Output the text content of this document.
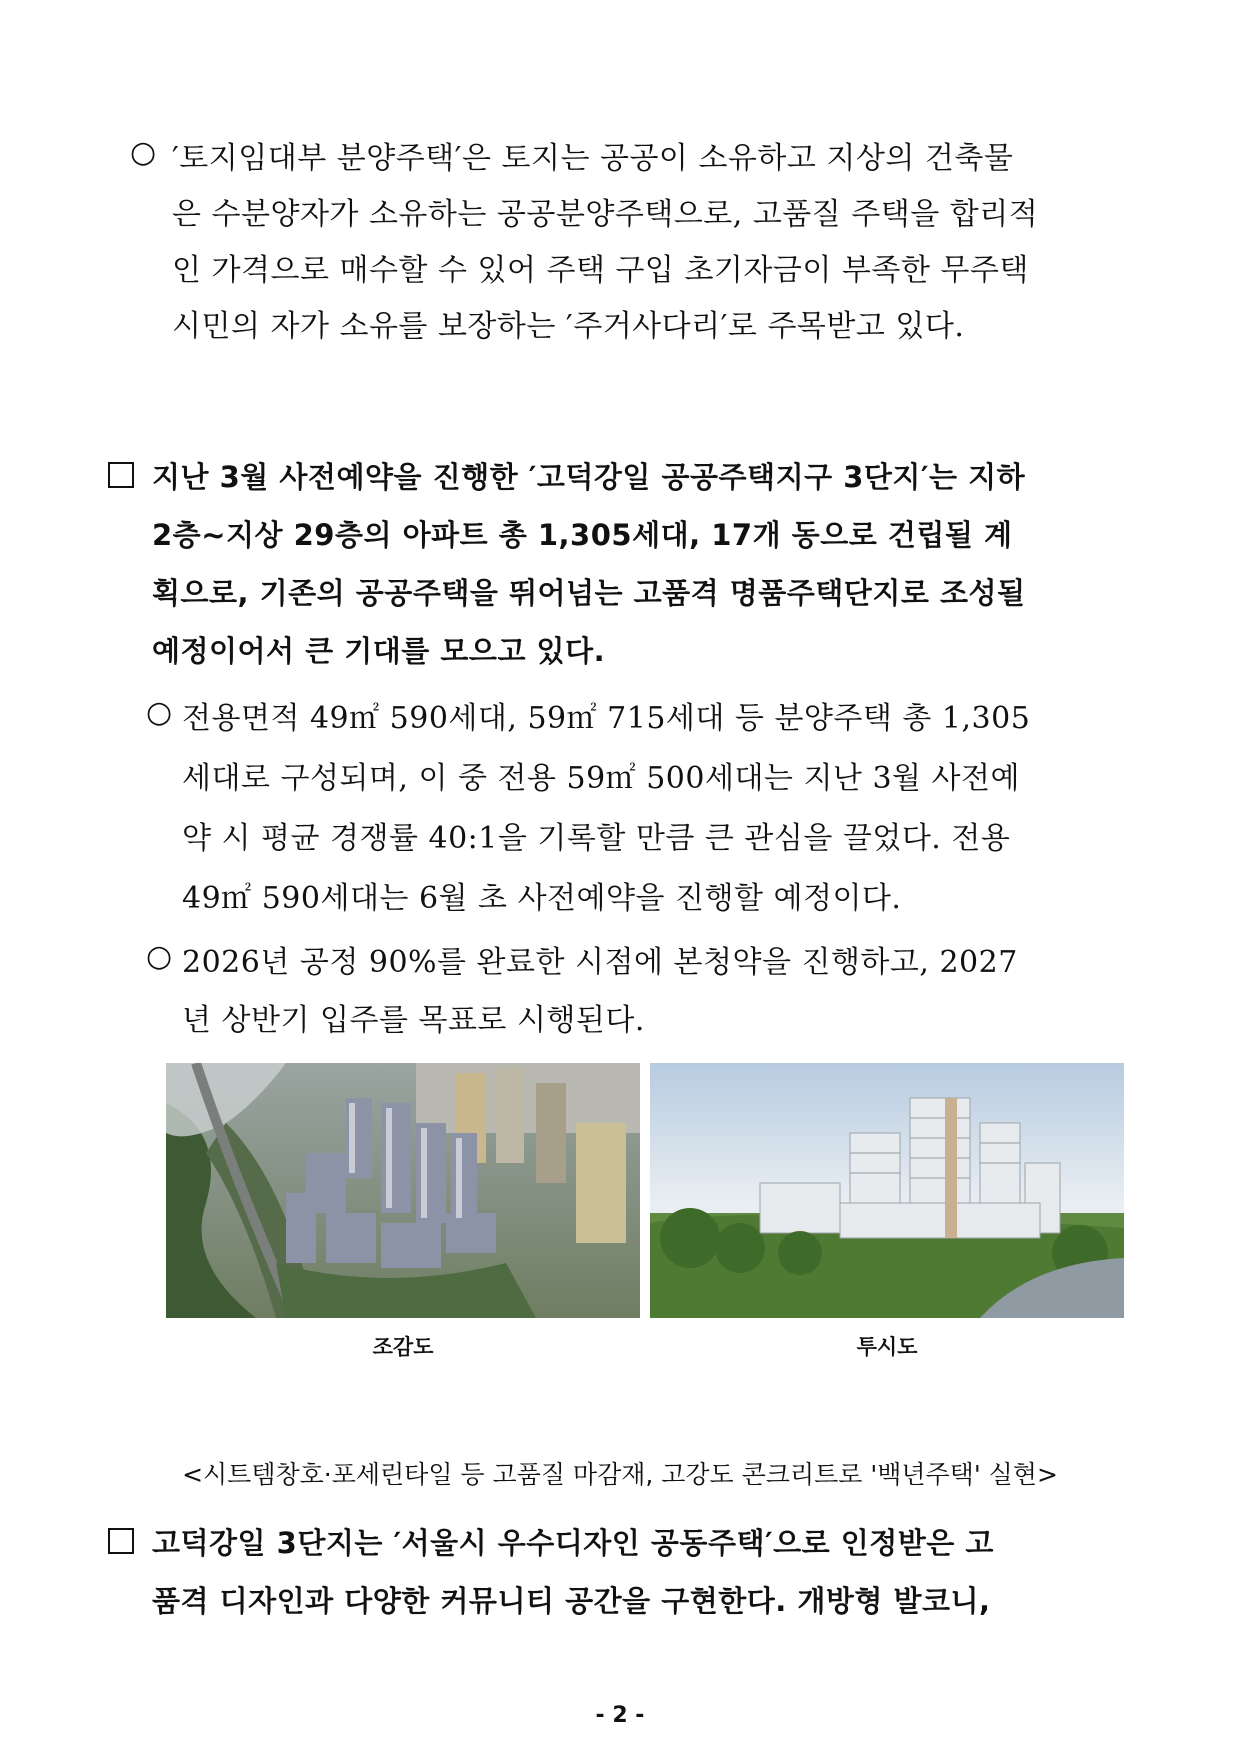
○ ′토지임대부 분양주택′은 토지는 공공이 소유하고 지상의 건축물
은 수분양자가 소유하는 공공분양주택으로, 고품질 주택을 합리적
인 가격으로 매수할 수 있어 주택 구입 초기자금이 부족한 무주택
시민의 자가 소유를 보장하는 ′주거사다리′로 주목받고 있다.
지난 3월 사전예약을 진행한 ′고덕강일 공공주택지구 3단지′는 지하
2층~지상 29층의 아파트 총 1,305세대, 17개 동으로 건립될 계
획으로, 기존의 공공주택을 뛰어넘는 고품격 명품주택단지로 조성될
예정이어서 큰 기대를 모으고 있다.
○ 전용면적 49㎡ 590세대, 59㎡ 715세대 등 분양주택 총 1,305
세대로 구성되며, 이 중 전용 59㎡ 500세대는 지난 3월 사전예
약 시 평균 경쟁률 40:1을 기록할 만큼 큰 관심을 끌었다. 전용
49㎡ 590세대는 6월 초 사전예약을 진행할 예정이다.
○ 2026년 공정 90%를 완료한 시점에 본청약을 진행하고, 2027
년 상반기 입주를 목표로 시행된다.
조감도	투시도
<시트템창호·포세린타일 등 고품질 마감재, 고강도 콘크리트로 '백년주택' 실현>
고덕강일 3단지는 ′서울시 우수디자인 공동주택′으로 인정받은 고
품격 디자인과 다양한 커뮤니티 공간을 구현한다. 개방형 발코니,
- 2 -
